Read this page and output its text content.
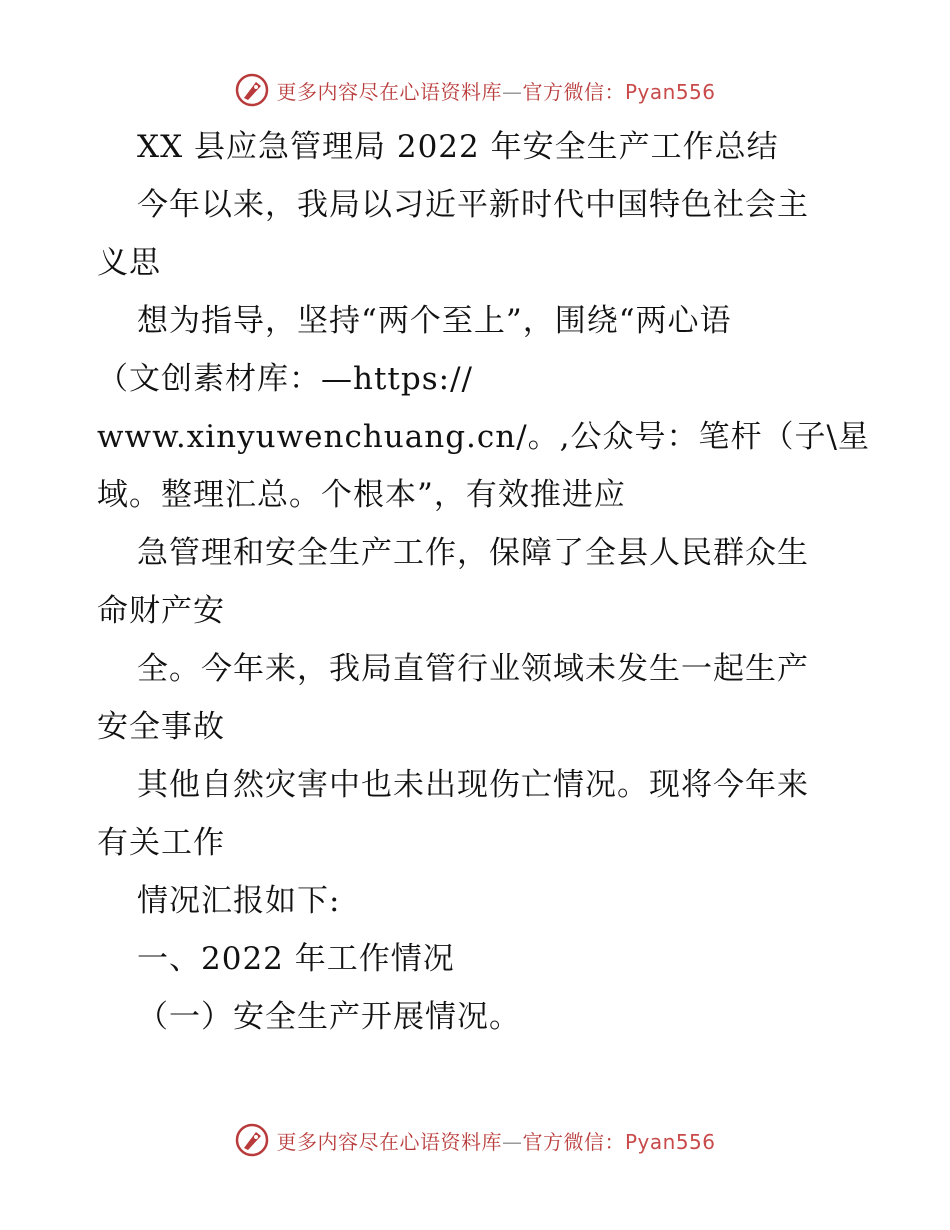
更多内容尽在心语资料库—官方微信：Pyan556
XX 县应急管理局 2022 年安全生产工作总结
今年以来，我局以习近平新时代中国特色社会主
义思
想为指导，坚持“两个至上”，围绕“两心语
（文创素材库：—https://
www.xinyuwenchuang.cn/。,公众号：笔杆（子\星
域。整理汇总。个根本”，有效推进应
急管理和安全生产工作，保障了全县人民群众生
命财产安
全。今年来，我局直管行业领域未发生一起生产
安全事故
其他自然灾害中也未出现伤亡情况。现将今年来
有关工作
情况汇报如下:
一、2022 年工作情况
（一）安全生产开展情况。
更多内容尽在心语资料库—官方微信：Pyan556
